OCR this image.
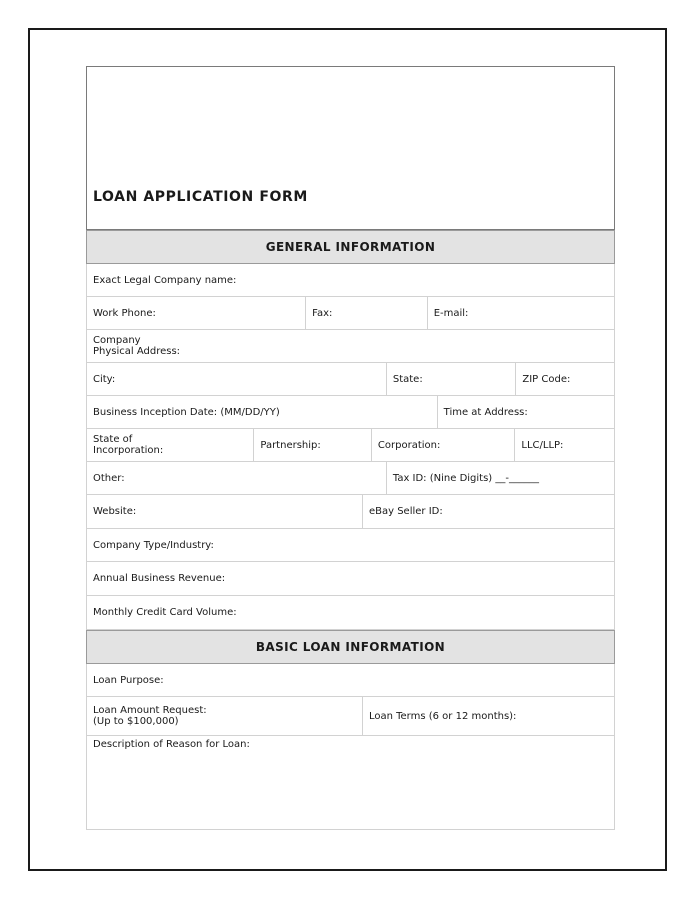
LOAN APPLICATION FORM
GENERAL INFORMATION
Exact Legal Company name:
Work Phone:	Fax:	E-mail:
Company
Physical Address:
City:	State:	ZIP Code:
Business Inception Date: (MM/DD/YY)	Time at Address:
State of
Incorporation:	Partnership:	Corporation:	LLC/LLP:
Other:	Tax ID: (Nine Digits) __-______
Website:	eBay Seller ID:
Company Type/Industry:
Annual Business Revenue:
Monthly Credit Card Volume:
BASIC LOAN INFORMATION
Loan Purpose:
Loan Amount Request:
(Up to $100,000)	Loan Terms (6 or 12 months):
Description of Reason for Loan:
